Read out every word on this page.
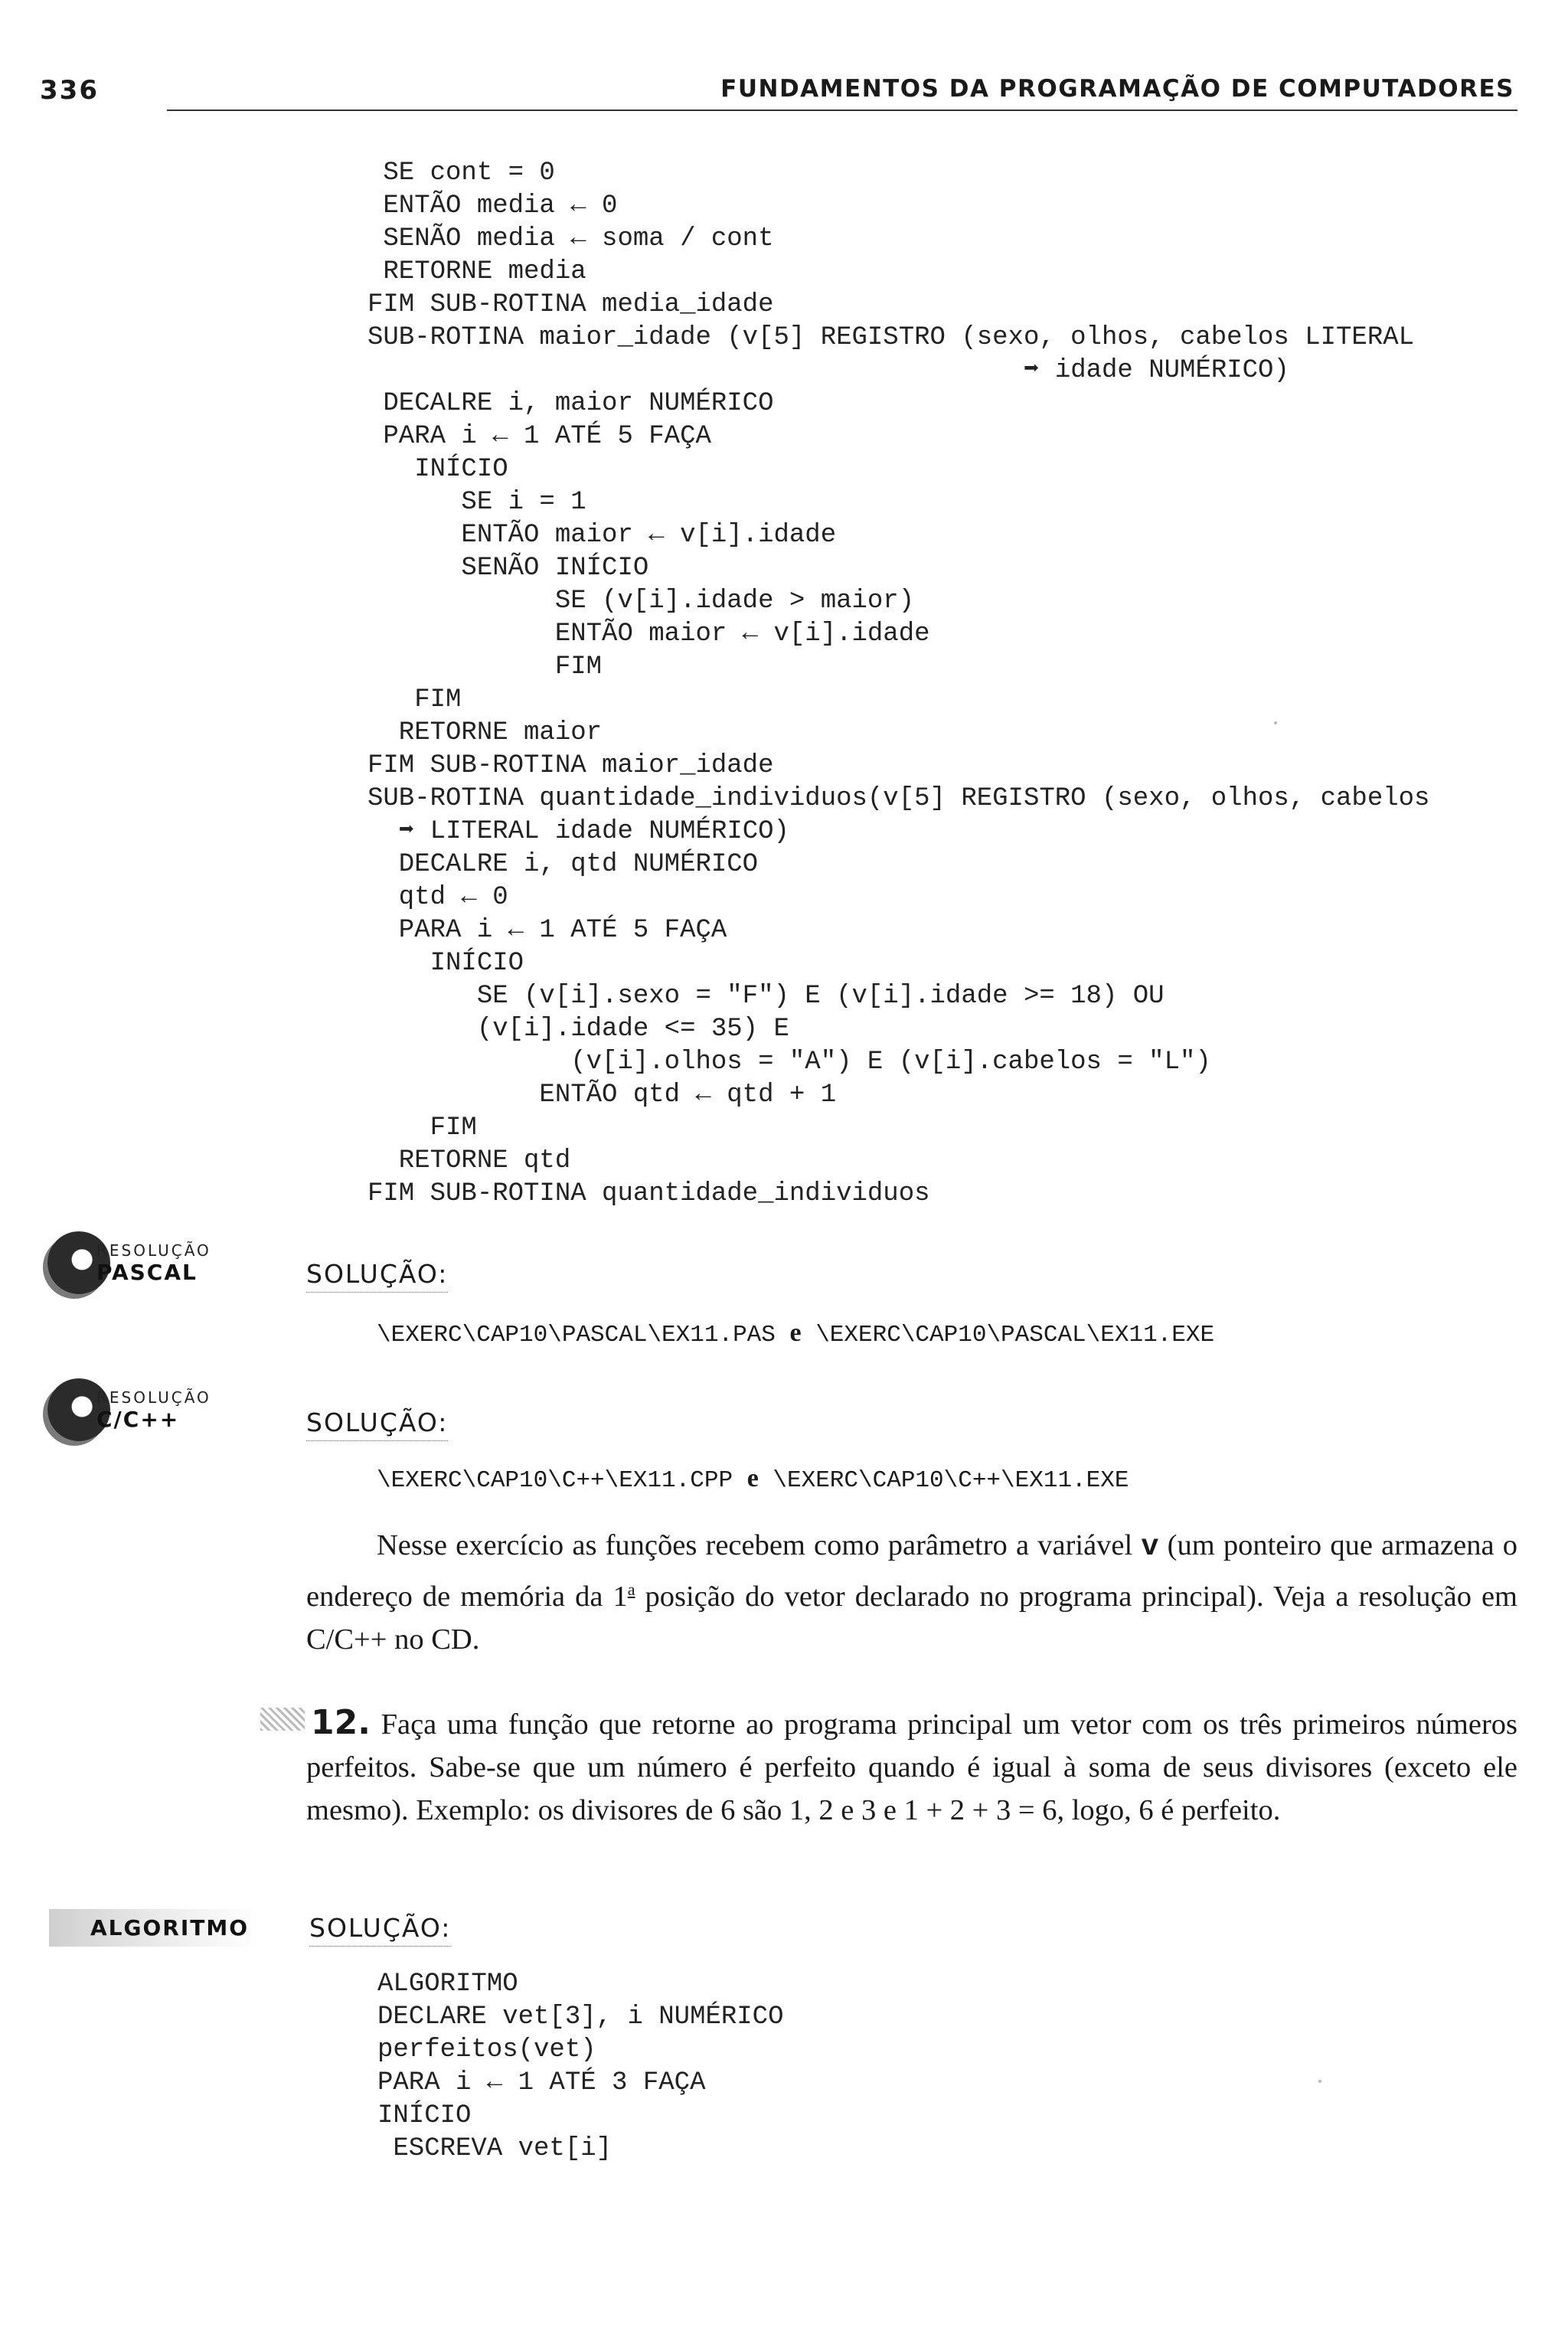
336	FUNDAMENTOS DA PROGRAMAÇÃO DE COMPUTADORES
SE cont = 0
ENTÃO media ← 0
SENÃO media ← soma / cont
RETORNE media
FIM SUB-ROTINA media_idade
SUB-ROTINA maior_idade (v[5] REGISTRO (sexo, olhos, cabelos LITERAL
➡ idade NUMÉRICO)
DECALRE i, maior NUMÉRICO
PARA i ← 1 ATÉ 5 FAÇA
INÍCIO
SE i = 1
ENTÃO maior ← v[i].idade
SENÃO INÍCIO
SE (v[i].idade > maior)
ENTÃO maior ← v[i].idade
FIM
FIM
RETORNE maior
FIM SUB-ROTINA maior_idade
SUB-ROTINA quantidade_individuos(v[5] REGISTRO (sexo, olhos, cabelos
➡ LITERAL idade NUMÉRICO)
DECALRE i, qtd NUMÉRICO
qtd ← 0
PARA i ← 1 ATÉ 5 FAÇA
INÍCIO
SE (v[i].sexo = "F") E (v[i].idade >= 18) OU
(v[i].idade <= 35) E
(v[i].olhos = "A") E (v[i].cabelos = "L")
ENTÃO qtd ← qtd + 1
FIM
RETORNE qtd
FIM SUB-ROTINA quantidade_individuos
RESOLUÇÃO
PASCAL	SOLUÇÃO:
\EXERC\CAP10\PASCAL\EX11.PAS e \EXERC\CAP10\PASCAL\EX11.EXE
RESOLUÇÃO
C/C++	SOLUÇÃO:
\EXERC\CAP10\C++\EX11.CPP e \EXERC\CAP10\C++\EX11.EXE

Nesse exercício as funções recebem como parâmetro a variável v (um ponteiro que armazena o endereço de memória da 1$^a$ posição do vetor declarado no programa principal). Veja a resolução em C/C++ no CD.

12. Faça uma função que retorne ao programa principal um vetor com os três primeiros números perfeitos. Sabe-se que um número é perfeito quando é igual à soma de seus divisores (exceto ele mesmo). Exemplo: os divisores de 6 são 1, 2 e 3 e 1 + 2 + 3 = 6, logo, 6 é perfeito.

ALGORITMO	SOLUÇÃO:
ALGORITMO
DECLARE vet[3], i NUMÉRICO
perfeitos(vet)
PARA i ← 1 ATÉ 3 FAÇA
INÍCIO
ESCREVA vet[i]
